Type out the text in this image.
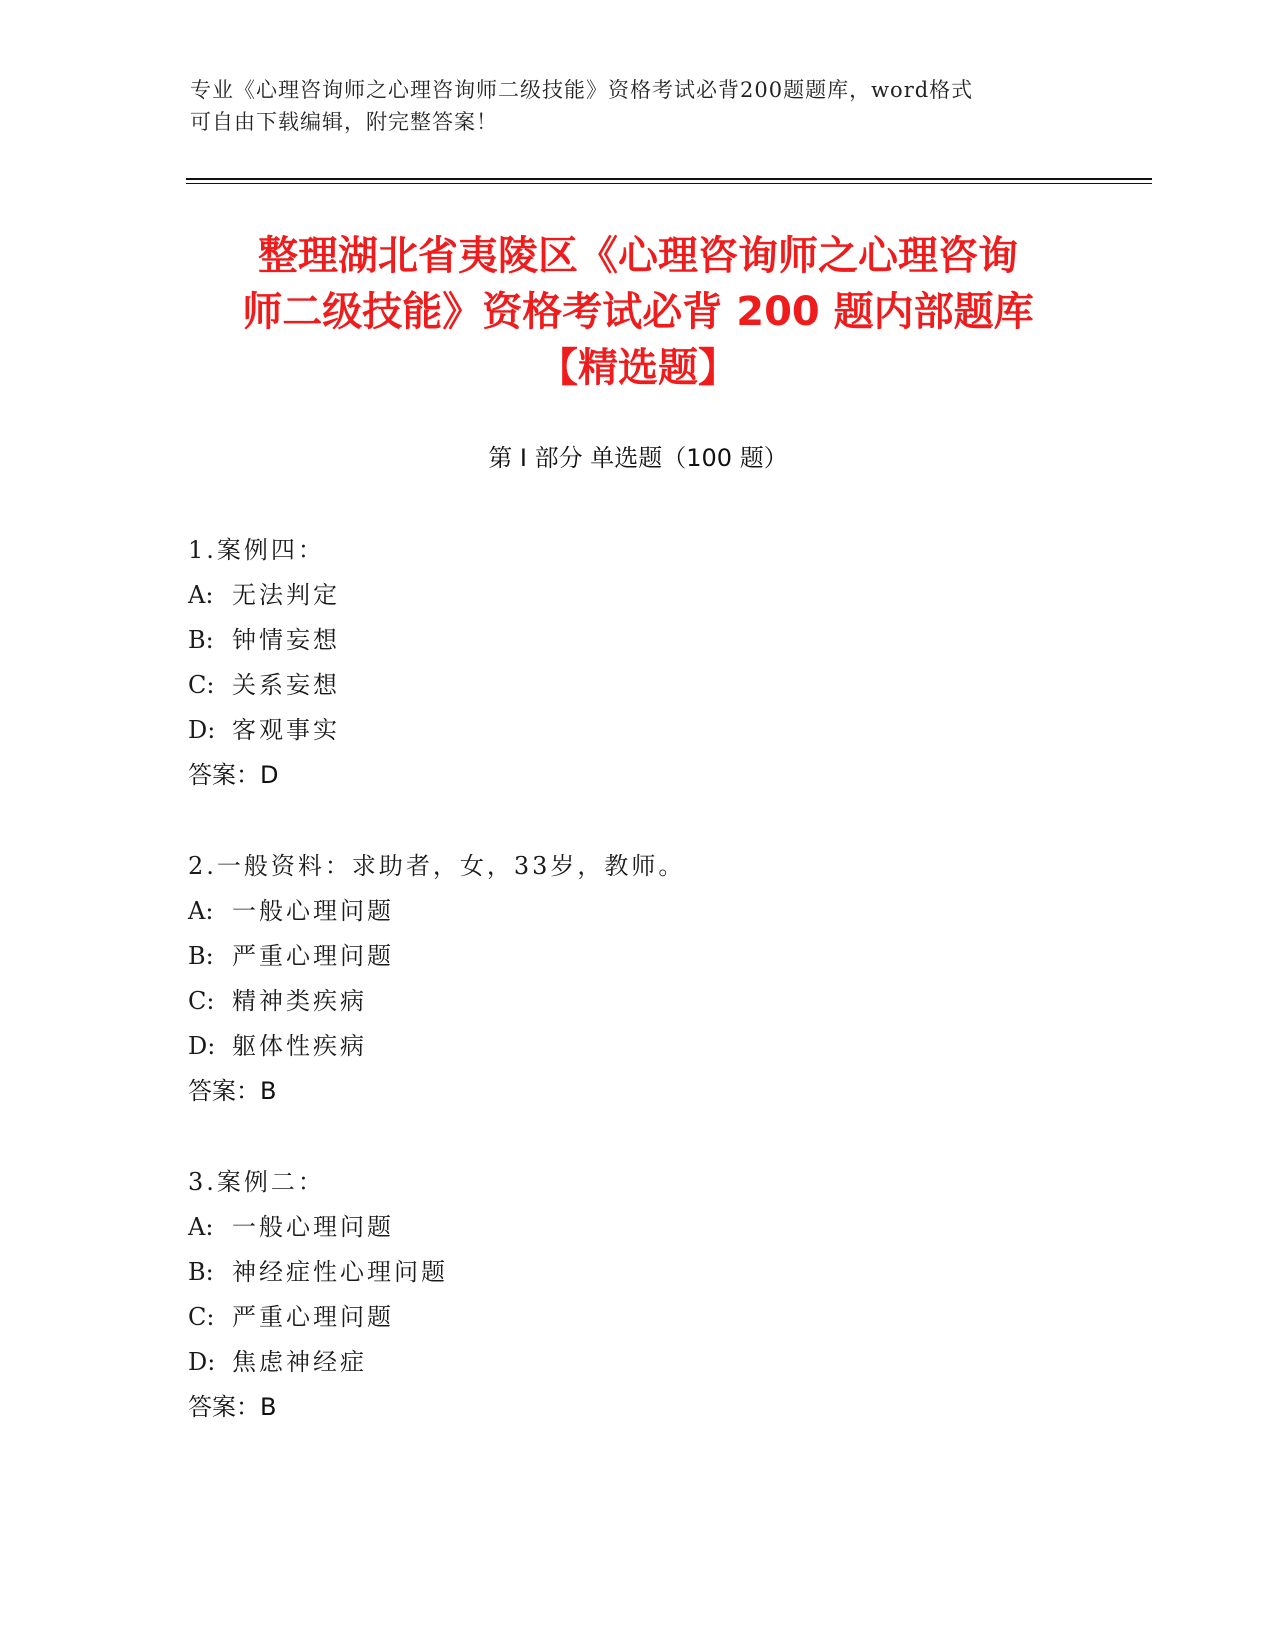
专业《心理咨询师之心理咨询师二级技能》资格考试必背200题题库，word格式
可自由下载编辑，附完整答案！
整理湖北省夷陵区《心理咨询师之心理咨询
师二级技能》资格考试必背 200 题内部题库
【精选题】
第 I 部分 单选题（100 题）
1.案例四：
A: 无法判定
B: 钟情妄想
C: 关系妄想
D: 客观事实
答案：D
2.一般资料：求助者，女，33岁，教师。
A: 一般心理问题
B: 严重心理问题
C: 精神类疾病
D: 躯体性疾病
答案：B
3.案例二：
A: 一般心理问题
B: 神经症性心理问题
C: 严重心理问题
D: 焦虑神经症
答案：B
